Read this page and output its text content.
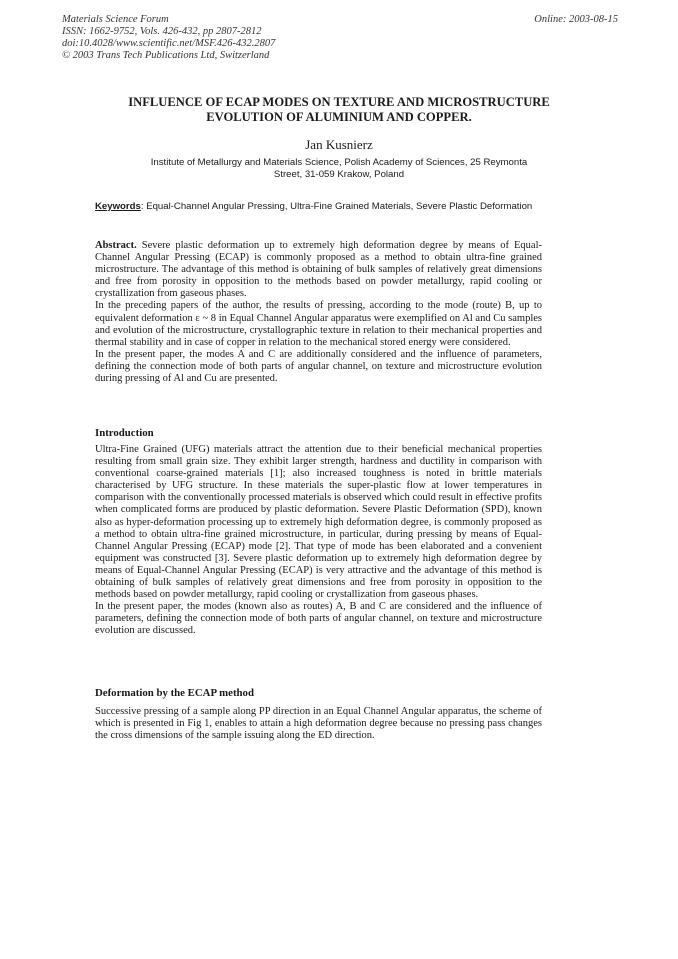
Materials Science Forum
ISSN: 1662-9752, Vols. 426-432, pp 2807-2812
doi:10.4028/www.scientific.net/MSF.426-432.2807
© 2003 Trans Tech Publications Ltd, Switzerland
Online: 2003-08-15
INFLUENCE OF ECAP MODES ON TEXTURE AND MICROSTRUCTURE
EVOLUTION OF ALUMINIUM AND COPPER.
Jan Kusnierz
Institute of Metallurgy and Materials Science, Polish Academy of Sciences, 25 Reymonta
Street, 31-059 Krakow, Poland
Keywords: Equal-Channel Angular Pressing, Ultra-Fine Grained Materials, Severe Plastic Deformation

Abstract. Severe plastic deformation up to extremely high deformation degree by means of Equal-Channel Angular Pressing (ECAP) is commonly proposed as a method to obtain ultra-fine grained microstructure. The advantage of this method is obtaining of bulk samples of relatively great dimensions and free from porosity in opposition to the methods based on powder metallurgy, rapid cooling or crystallization from gaseous phases.

In the preceding papers of the author, the results of pressing, according to the mode (route) B, up to equivalent deformation ε ~ 8 in Equal Channel Angular apparatus were exemplified on Al and Cu samples and evolution of the microstructure, crystallographic texture in relation to their mechanical properties and thermal stability and in case of copper in relation to the mechanical stored energy were considered.

In the present paper, the modes A and C are additionally considered and the influence of parameters, defining the connection mode of both parts of angular channel, on texture and microstructure evolution during pressing of Al and Cu are presented.

Introduction

Ultra-Fine Grained (UFG) materials attract the attention due to their beneficial mechanical properties resulting from small grain size. They exhibit larger strength, hardness and ductility in comparison with conventional coarse-grained materials [1]; also increased toughness is noted in brittle materials characterised by UFG structure. In these materials the super-plastic flow at lower temperatures in comparison with the conventionally processed materials is observed which could result in effective profits when complicated forms are produced by plastic deformation. Severe Plastic Deformation (SPD), known also as hyper-deformation processing up to extremely high deformation degree, is commonly proposed as a method to obtain ultra-fine grained microstructure, in particular, during pressing by means of Equal-Channel Angular Pressing (ECAP) mode [2]. That type of mode has been elaborated and a convenient equipment was constructed [3]. Severe plastic deformation up to extremely high deformation degree by means of Equal-Channel Angular Pressing (ECAP) is very attractive and the advantage of this method is obtaining of bulk samples of relatively great dimensions and free from porosity in opposition to the methods based on powder metallurgy, rapid cooling or crystallization from gaseous phases.

In the present paper, the modes (known also as routes) A, B and C are considered and the influence of parameters, defining the connection mode of both parts of angular channel, on texture and microstructure evolution are discussed.

Deformation by the ECAP method

Successive pressing of a sample along PP direction in an Equal Channel Angular apparatus, the scheme of which is presented in Fig 1, enables to attain a high deformation degree because no pressing pass changes the cross dimensions of the sample issuing along the ED direction.
